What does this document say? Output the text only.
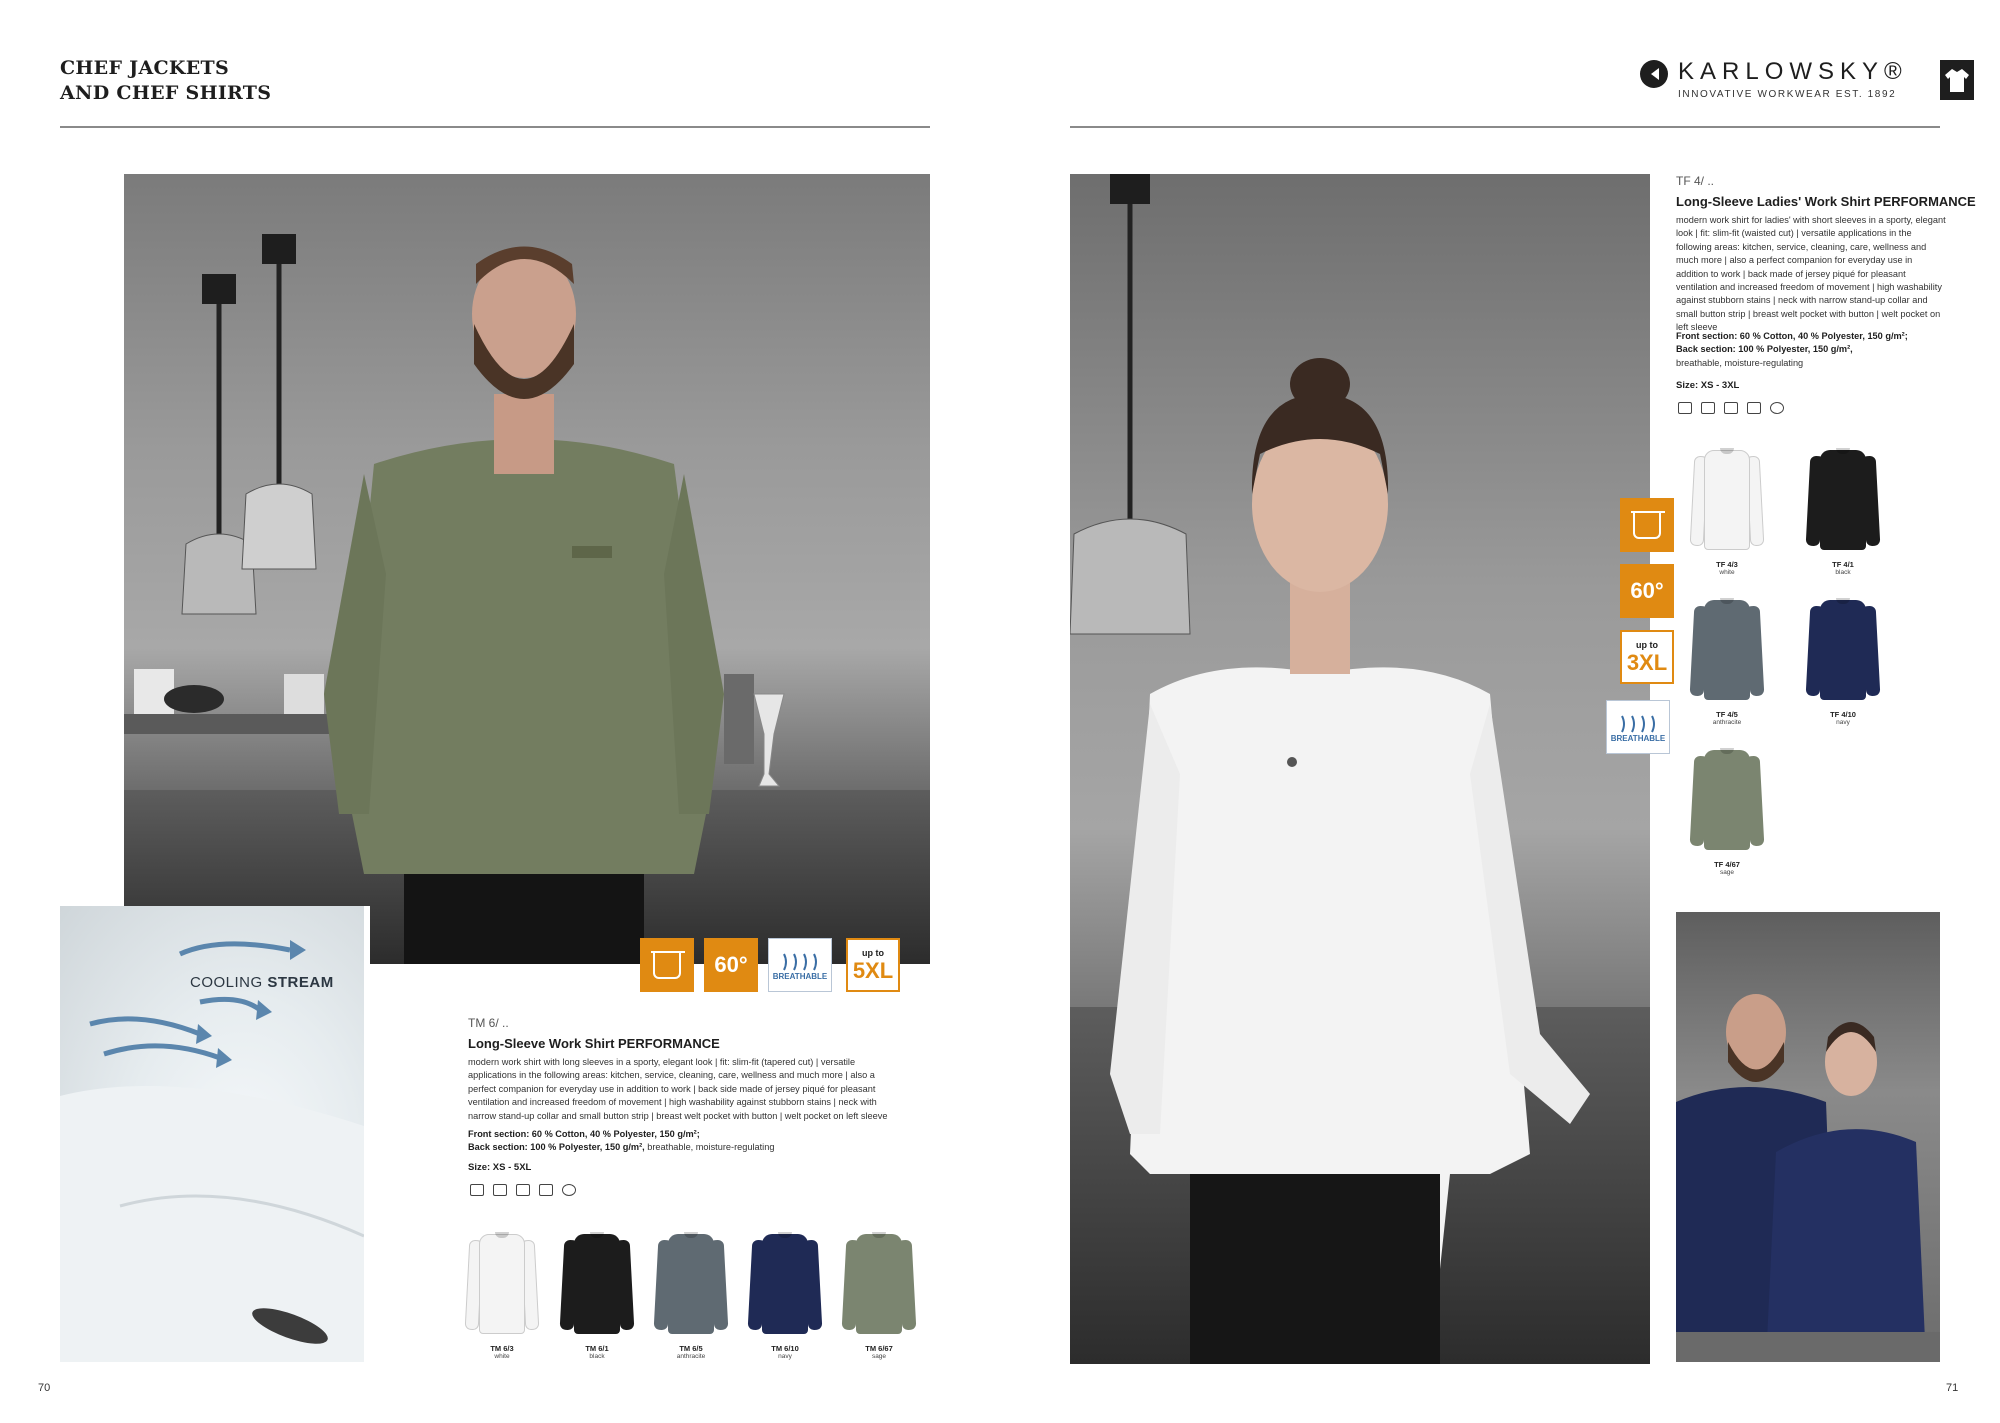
CHEF JACKETS
AND CHEF SHIRTS
KARLOWSKY®
INNOVATIVE WORKWEAR EST. 1892
60°	BREATHABLE
up to
5XL
COOLING STREAM
TM 6/ ..
Long-Sleeve Work Shirt PERFORMANCE
modern work shirt with long sleeves in a sporty, elegant look | fit: slim-fit (tapered cut) | versatile applications in the following areas: kitchen, service, cleaning, care, wellness and much more | also a perfect companion for everyday use in addition to work | back side made of jersey piqué for pleasant ventilation and increased freedom of movement | high washability against stubborn stains | neck with narrow stand-up collar and small button strip | breast welt pocket with button | welt pocket on left sleeve
Front section: 60 % Cotton, 40 % Polyester, 150 g/m²;
Back section: 100 % Polyester, 150 g/m², breathable, moisture-regulating
Size: XS - 5XL
TM 6/3
white
TM 6/1
black
TM 6/5
anthracite
TM 6/10
navy
TM 6/67
sage
TF 4/ ..
Long-Sleeve Ladies' Work Shirt PERFORMANCE
modern work shirt for ladies' with short sleeves in a sporty, elegant look | fit: slim-fit (waisted cut) | versatile applications in the following areas: kitchen, service, cleaning, care, wellness and much more | also a perfect companion for everyday use in addition to work | back made of jersey piqué for pleasant ventilation and increased freedom of movement | high washability against stubborn stains | neck with narrow stand-up collar and small button strip | breast welt pocket with button | welt pocket on left sleeve
Front section: 60 % Cotton, 40 % Polyester, 150 g/m²;
Back section: 100 % Polyester, 150 g/m²,
breathable, moisture-regulating
Size: XS - 3XL
60°
up to
3XL
BREATHABLE
TF 4/3
white
TF 4/1
black
TF 4/5
anthracite
TF 4/10
navy
TF 4/67
sage
70	71
